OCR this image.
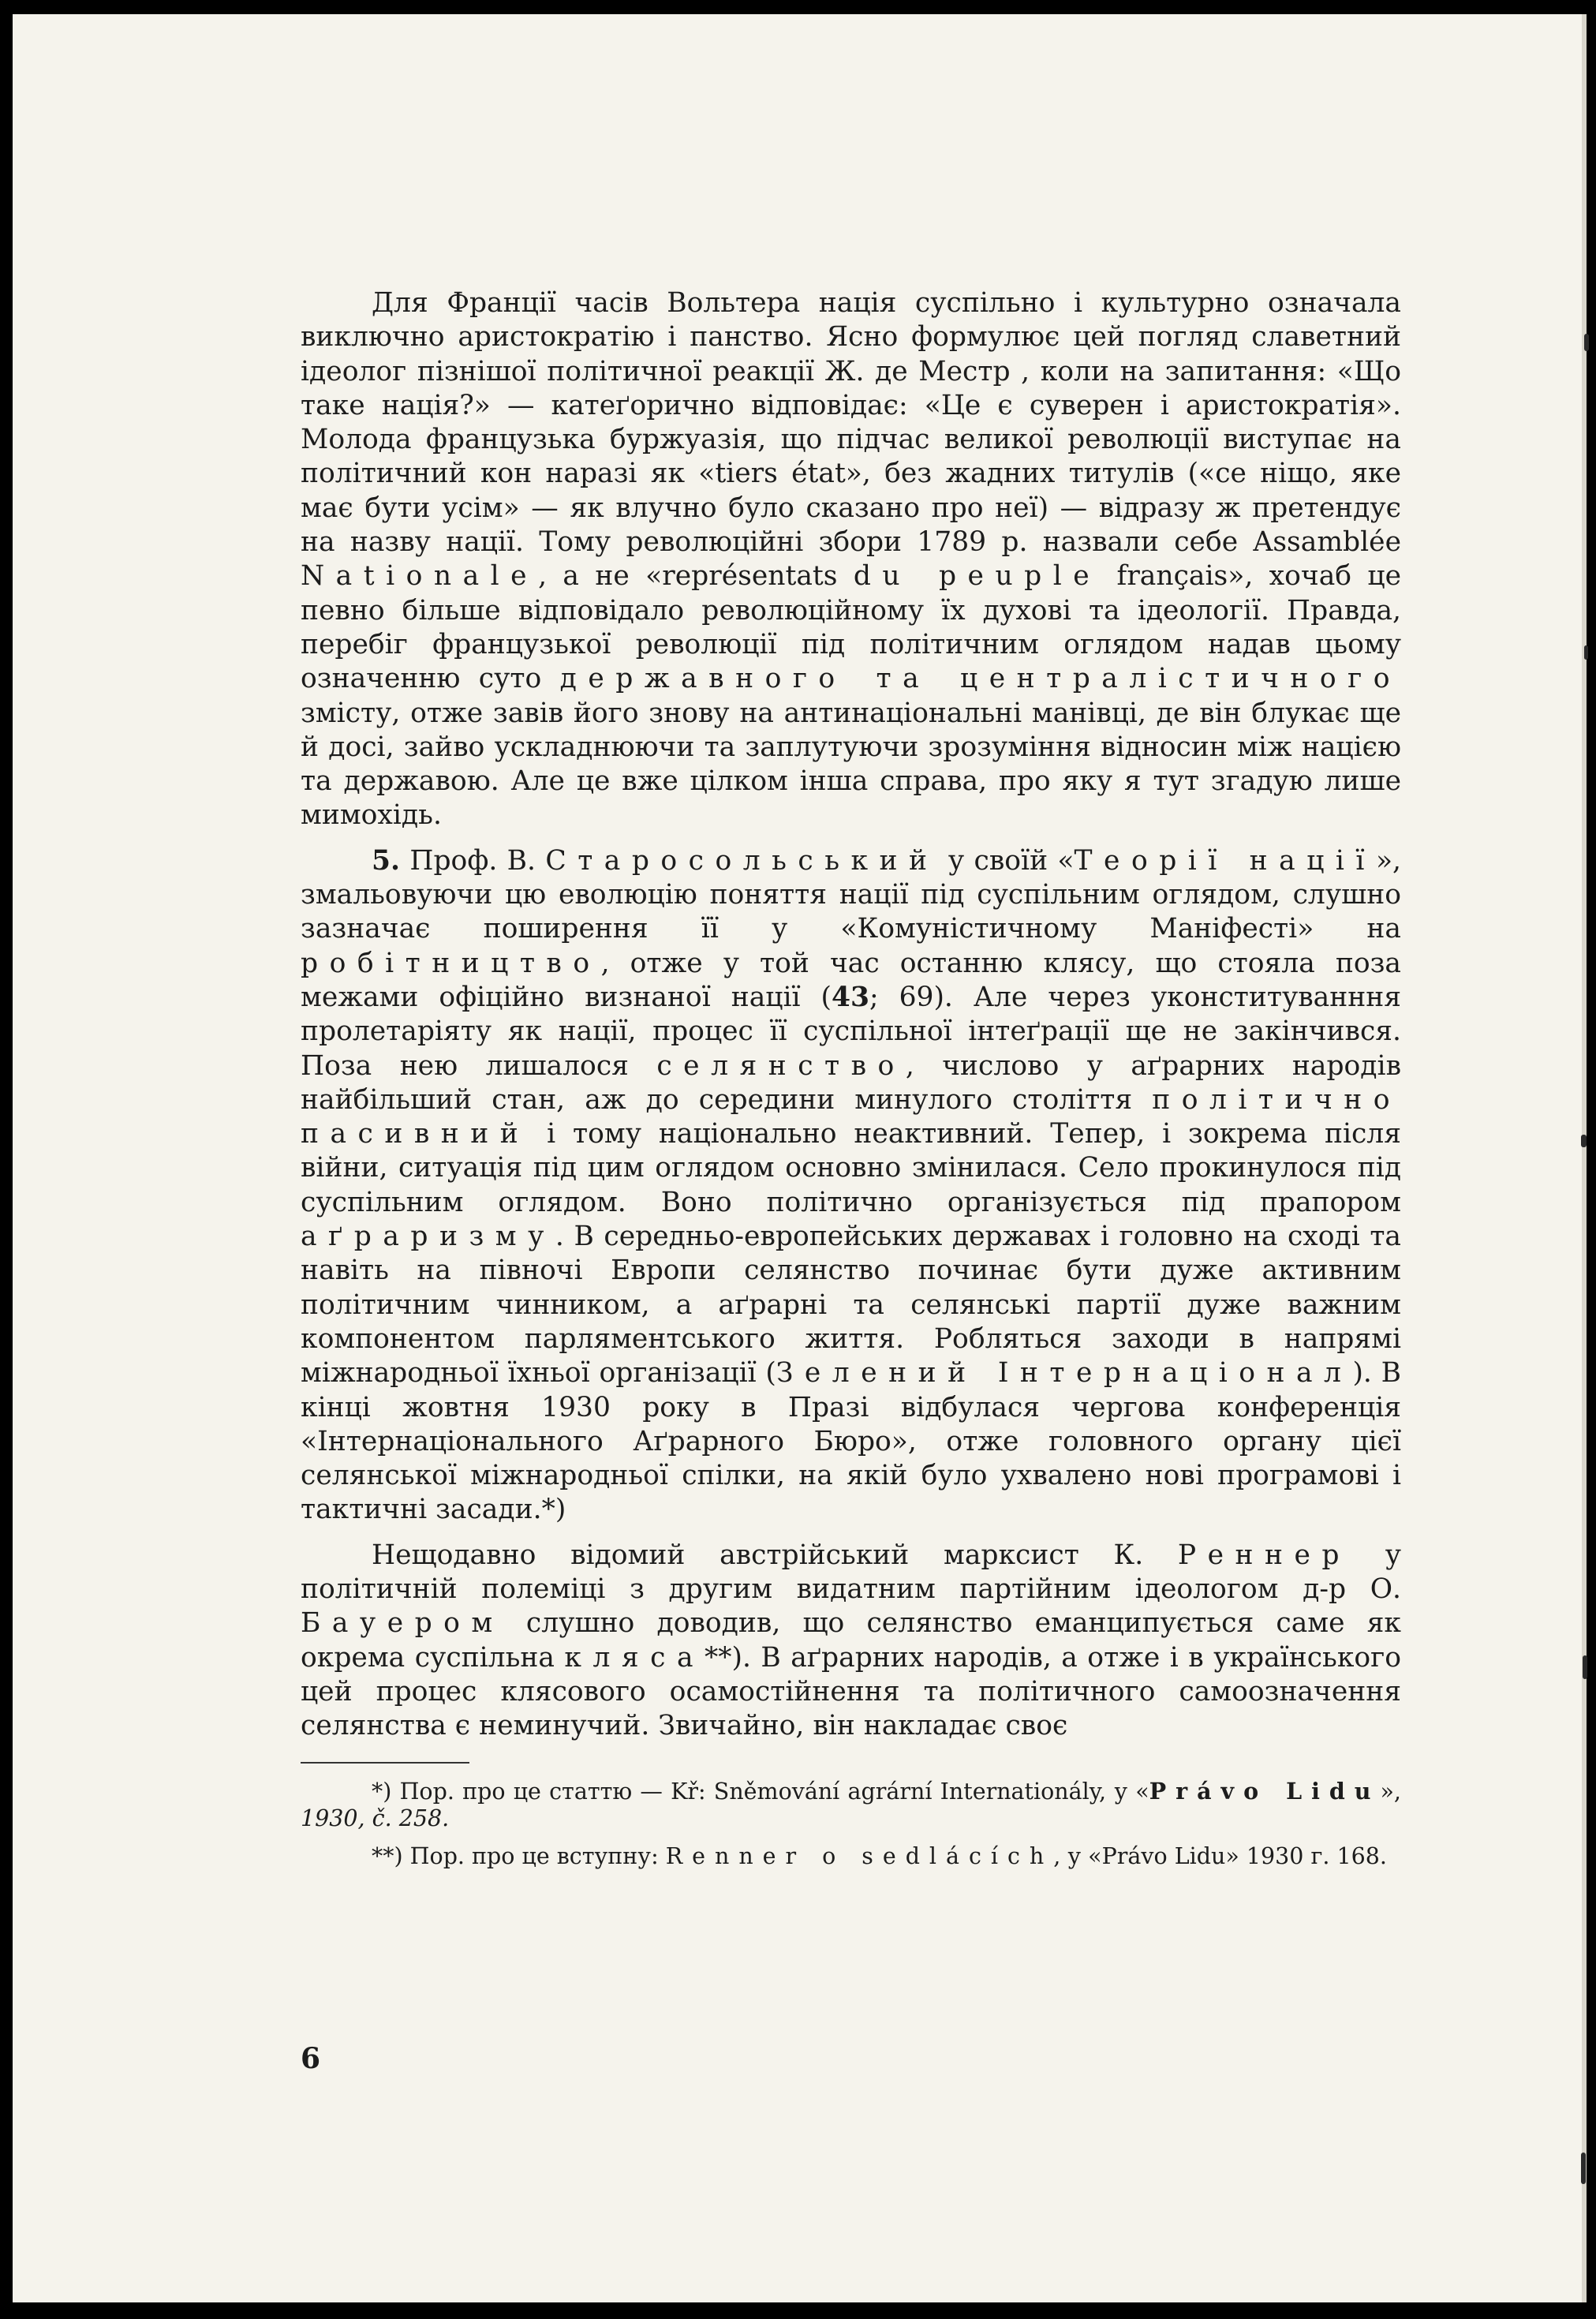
Для Франції часів Вольтера нація суспільно і культурно означала виключно аристократію і панство. Ясно формулює цей погляд славетний ідеолог пізнішої політичної реакції Ж. де Местр , коли на запитання: «Що таке нація?» — катеґорично відповідає: «Це є суверен і аристократія». Молода французька буржуазія, що підчас великої революції виступає на політичний кон наразі як «tiers état», без жадних титулів («се ніщо, яке має бути усім» — як влучно було сказано про неї) — відразу ж претендує на назву нації. Тому революційні збори 1789 р. назвали себе Assamblée Nationale, а не «représentats du peuple français», хочаб це певно більше відповідало революційному їх духові та ідеології. Правда, перебіг французької революції під політичним оглядом надав цьому означенню суто державного та централістичного змісту, отже завів його знову на антинаціональні манівці, де він блукає ще й досі, зайво ускладнюючи та заплутуючи зрозуміння відносин між нацією та державою. Але це вже цілком інша справа, про яку я тут згадую лише мимохідь.

5. Проф. В. Старосольський у своїй «Теорії нації», змальовуючи цю еволюцію поняття нації під суспільним оглядом, слушно зазначає поширення її у «Комуністичному Маніфесті» на робітництво, отже у той час останню клясу, що стояла поза межами офіційно визнаної нації (43; 69). Але через уконституванння пролетаріяту як нації, процес її суспільної інтеґрації ще не закінчився. Поза нею лишалося селянство, числово у аґрарних народів найбільший стан, аж до середини минулого століття політично пасивний і тому національно неактивний. Тепер, і зокрема після війни, ситуація під цим оглядом основно змінилася. Село прокинулося під суспільним оглядом. Воно політично організується під прапором аґраризму. В середньо-европейських державах і головно на сході та навіть на півночі Европи селянство починає бути дуже активним політичним чинником, а аґрарні та селянські партії дуже важним компонентом парляментського життя. Робляться заходи в напрямі міжнародньої їхньої організації (Зелений Інтернаціонал). В кінці жовтня 1930 року в Празі відбулася чергова конференція «Інтернаціонального Аґрарного Бюро», отже головного органу цієї селянської міжнародньої спілки, на якій було ухвалено нові програмові і тактичні засади.*)

Нещодавно відомий австрійський марксист К. Реннер у політичній полеміці з другим видатним партійним ідеологом д-р О. Бауером слушно доводив, що селянство еманципується саме як окрема суспільна кляса**). В аґрарних народів, а отже і в українського цей процес клясового осамостійнення та політичного самоозначення селянства є неминучий. Звичайно, він накладає своє

*) Пор. про це статтю — Kř: Sněmování agrární Internationály, у «Právo Lidu», 1930, č. 258.

**) Пор. про це вступну: Renner o sedlácích, у «Právo Lidu» 1930 г. 168.

6
